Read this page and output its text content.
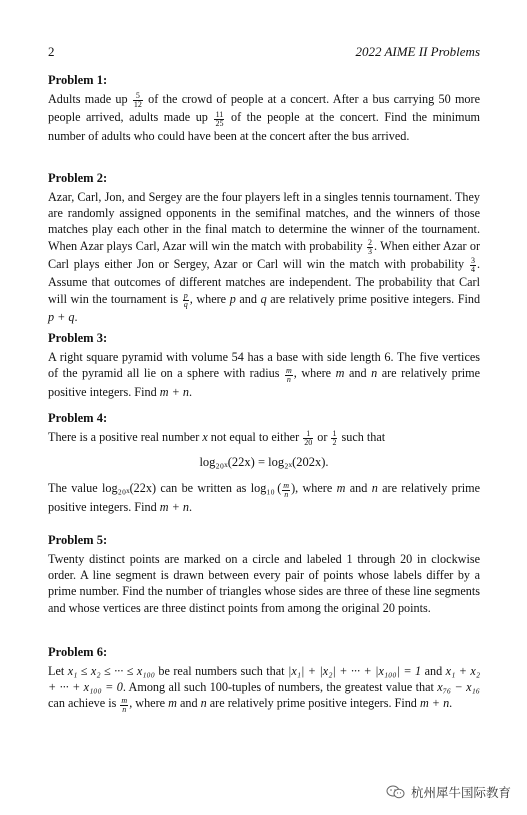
2	2022 AIME II Problems
Problem 1:

Adults made up $\frac{5}{12}$ of the crowd of people at a concert. After a bus carrying 50 more people arrived, adults made up $\frac{11}{25}$ of the people at the concert. Find the minimum number of adults who could have been at the concert after the bus arrived.

Problem 2:

Azar, Carl, Jon, and Sergey are the four players left in a singles tennis tournament. They are randomly assigned opponents in the semifinal matches, and the winners of those matches play each other in the final match to determine the winner of the tournament. When Azar plays Carl, Azar will win the match with probability $\frac{2}{3}$ . When either Azar or Carl plays either Jon or Sergey, Azar or Carl will win the match with probability $\frac{3}{4}$ . Assume that outcomes of different matches are independent. The probability that Carl will win the tournament is $\frac{p}{q}$ , where p and q are relatively prime positive integers. Find p + q.

Problem 3:

A right square pyramid with volume 54 has a base with side length 6. The five vertices of the pyramid all lie on a sphere with radius $\frac{m}{n}$ , where m and n are relatively prime positive integers. Find m + n.

Problem 4:

There is a positive real number x not equal to either $\frac{1}{20}$ or $\frac{1}{2}$ such that

log₂₀ₓ(22x) = log₂ₓ(202x).

The value log₂₀ₓ(22x) can be written as log₁₀ ( $\frac{m}{n}$ ), where m and n are relatively prime positive integers. Find m + n.

Problem 5:

Twenty distinct points are marked on a circle and labeled 1 through 20 in clockwise order. A line segment is drawn between every pair of points whose labels differ by a prime number. Find the number of triangles whose sides are three of these line segments and whose vertices are three distinct points from among the original 20 points.

Problem 6:

Let x₁ ≤ x₂ ≤ ··· ≤ x₁₀₀ be real numbers such that |x₁| + |x₂| + ··· + |x₁₀₀| = 1 and x₁ + x₂ + ··· + x₁₀₀ = 0. Among all such 100-tuples of numbers, the greatest value that x₇₆ − x₁₆ can achieve is $\frac{m}{n}$ , where m and n are relatively prime positive integers. Find m + n.

杭州犀牛国际教育
